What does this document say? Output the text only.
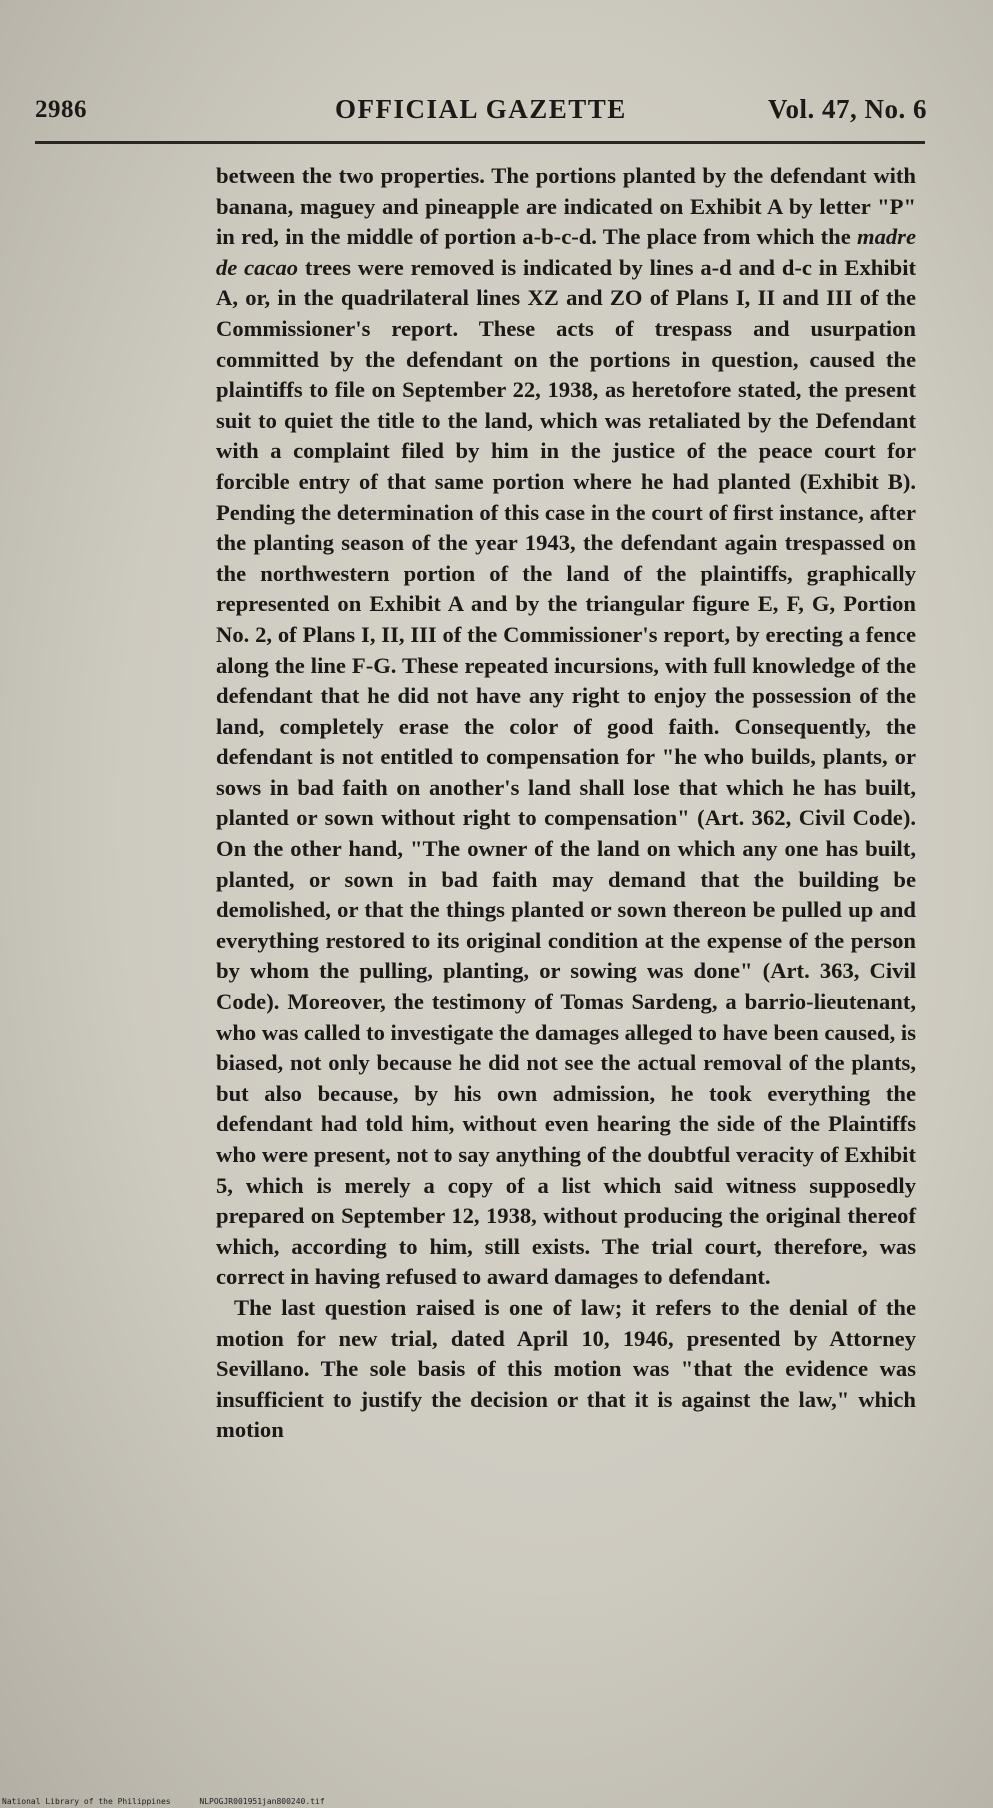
2986	OFFICIAL GAZETTE	Vol. 47, No. 6

between the two properties. The portions planted by the defendant with banana, maguey and pineapple are indicated on Exhibit A by letter "P" in red, in the middle of portion a-b-c-d. The place from which the madre de cacao trees were removed is indicated by lines a-d and d-c in Exhibit A, or, in the quadrilateral lines XZ and ZO of Plans I, II and III of the Commissioner's report. These acts of trespass and usurpation committed by the defendant on the portions in question, caused the plaintiffs to file on September 22, 1938, as heretofore stated, the present suit to quiet the title to the land, which was retaliated by the Defendant with a complaint filed by him in the justice of the peace court for forcible entry of that same portion where he had planted (Exhibit B). Pending the determination of this case in the court of first instance, after the planting season of the year 1943, the defendant again trespassed on the northwestern portion of the land of the plaintiffs, graphically represented on Exhibit A and by the triangular figure E, F, G, Portion No. 2, of Plans I, II, III of the Commissioner's report, by erecting a fence along the line F-G. These repeated incursions, with full knowledge of the defendant that he did not have any right to enjoy the possession of the land, completely erase the color of good faith. Consequently, the defendant is not entitled to compensation for "he who builds, plants, or sows in bad faith on another's land shall lose that which he has built, planted or sown without right to compensation" (Art. 362, Civil Code). On the other hand, "The owner of the land on which any one has built, planted, or sown in bad faith may demand that the building be demolished, or that the things planted or sown thereon be pulled up and everything restored to its original condition at the expense of the person by whom the pulling, planting, or sowing was done" (Art. 363, Civil Code). Moreover, the testimony of Tomas Sardeng, a barrio-lieutenant, who was called to investigate the damages alleged to have been caused, is biased, not only because he did not see the actual removal of the plants, but also because, by his own admission, he took everything the defendant had told him, without even hearing the side of the Plaintiffs who were present, not to say anything of the doubtful veracity of Exhibit 5, which is merely a copy of a list which said witness supposedly prepared on September 12, 1938, without producing the original thereof which, according to him, still exists. The trial court, therefore, was correct in having refused to award damages to defendant.

The last question raised is one of law; it refers to the denial of the motion for new trial, dated April 10, 1946, presented by Attorney Sevillano. The sole basis of this motion was "that the evidence was insufficient to justify the decision or that it is against the law," which motion

National Library of the Philippines	NLPOGJR001951jan800240.tif
